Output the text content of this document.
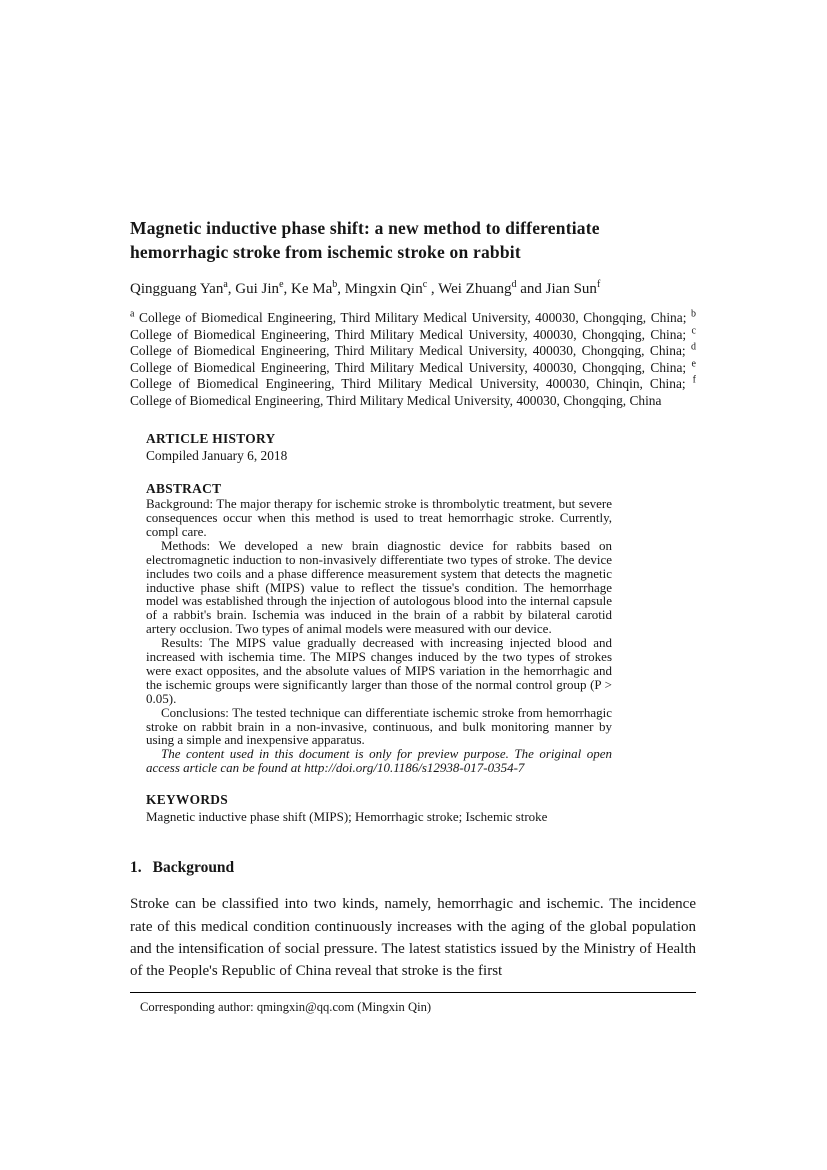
Magnetic inductive phase shift: a new method to differentiate hemorrhagic stroke from ischemic stroke on rabbit
Qingguang Yan$^a$, Gui Jin$^e$, Ke Ma$^b$, Mingxin Qin$^c$ , Wei Zhuang$^d$ and Jian Sun$^f$
$^a$ College of Biomedical Engineering, Third Military Medical University, 400030, Chongqing, China; $^b$ College of Biomedical Engineering, Third Military Medical University, 400030, Chongqing, China; $^c$ College of Biomedical Engineering, Third Military Medical University, 400030, Chongqing, China; $^d$ College of Biomedical Engineering, Third Military Medical University, 400030, Chongqing, China; $^e$ College of Biomedical Engineering, Third Military Medical University, 400030, Chinqin, China; $^f$ College of Biomedical Engineering, Third Military Medical University, 400030, Chongqing, China

ARTICLE HISTORY

Compiled January 6, 2018

ABSTRACT

Background: The major therapy for ischemic stroke is thrombolytic treatment, but severe consequences occur when this method is used to treat hemorrhagic stroke. Currently, compl care.

Methods: We developed a new brain diagnostic device for rabbits based on electromagnetic induction to non-invasively differentiate two types of stroke. The device includes two coils and a phase difference measurement system that detects the magnetic inductive phase shift (MIPS) value to reflect the tissue's condition. The hemorrhage model was established through the injection of autologous blood into the internal capsule of a rabbit's brain. Ischemia was induced in the brain of a rabbit by bilateral carotid artery occlusion. Two types of animal models were measured with our device.

Results: The MIPS value gradually decreased with increasing injected blood and increased with ischemia time. The MIPS changes induced by the two types of strokes were exact opposites, and the absolute values of MIPS variation in the hemorrhagic and the ischemic groups were significantly larger than those of the normal control group (P > 0.05).

Conclusions: The tested technique can differentiate ischemic stroke from hemorrhagic stroke on rabbit brain in a non-invasive, continuous, and bulk monitoring manner by using a simple and inexpensive apparatus.

The content used in this document is only for preview purpose. The original open access article can be found at http://doi.org/10.1186/s12938-017-0354-7

KEYWORDS

Magnetic inductive phase shift (MIPS); Hemorrhagic stroke; Ischemic stroke

1. Background

Stroke can be classified into two kinds, namely, hemorrhagic and ischemic. The incidence rate of this medical condition continuously increases with the aging of the global population and the intensification of social pressure. The latest statistics issued by the Ministry of Health of the People's Republic of China reveal that stroke is the first

Corresponding author: qmingxin@qq.com (Mingxin Qin)
